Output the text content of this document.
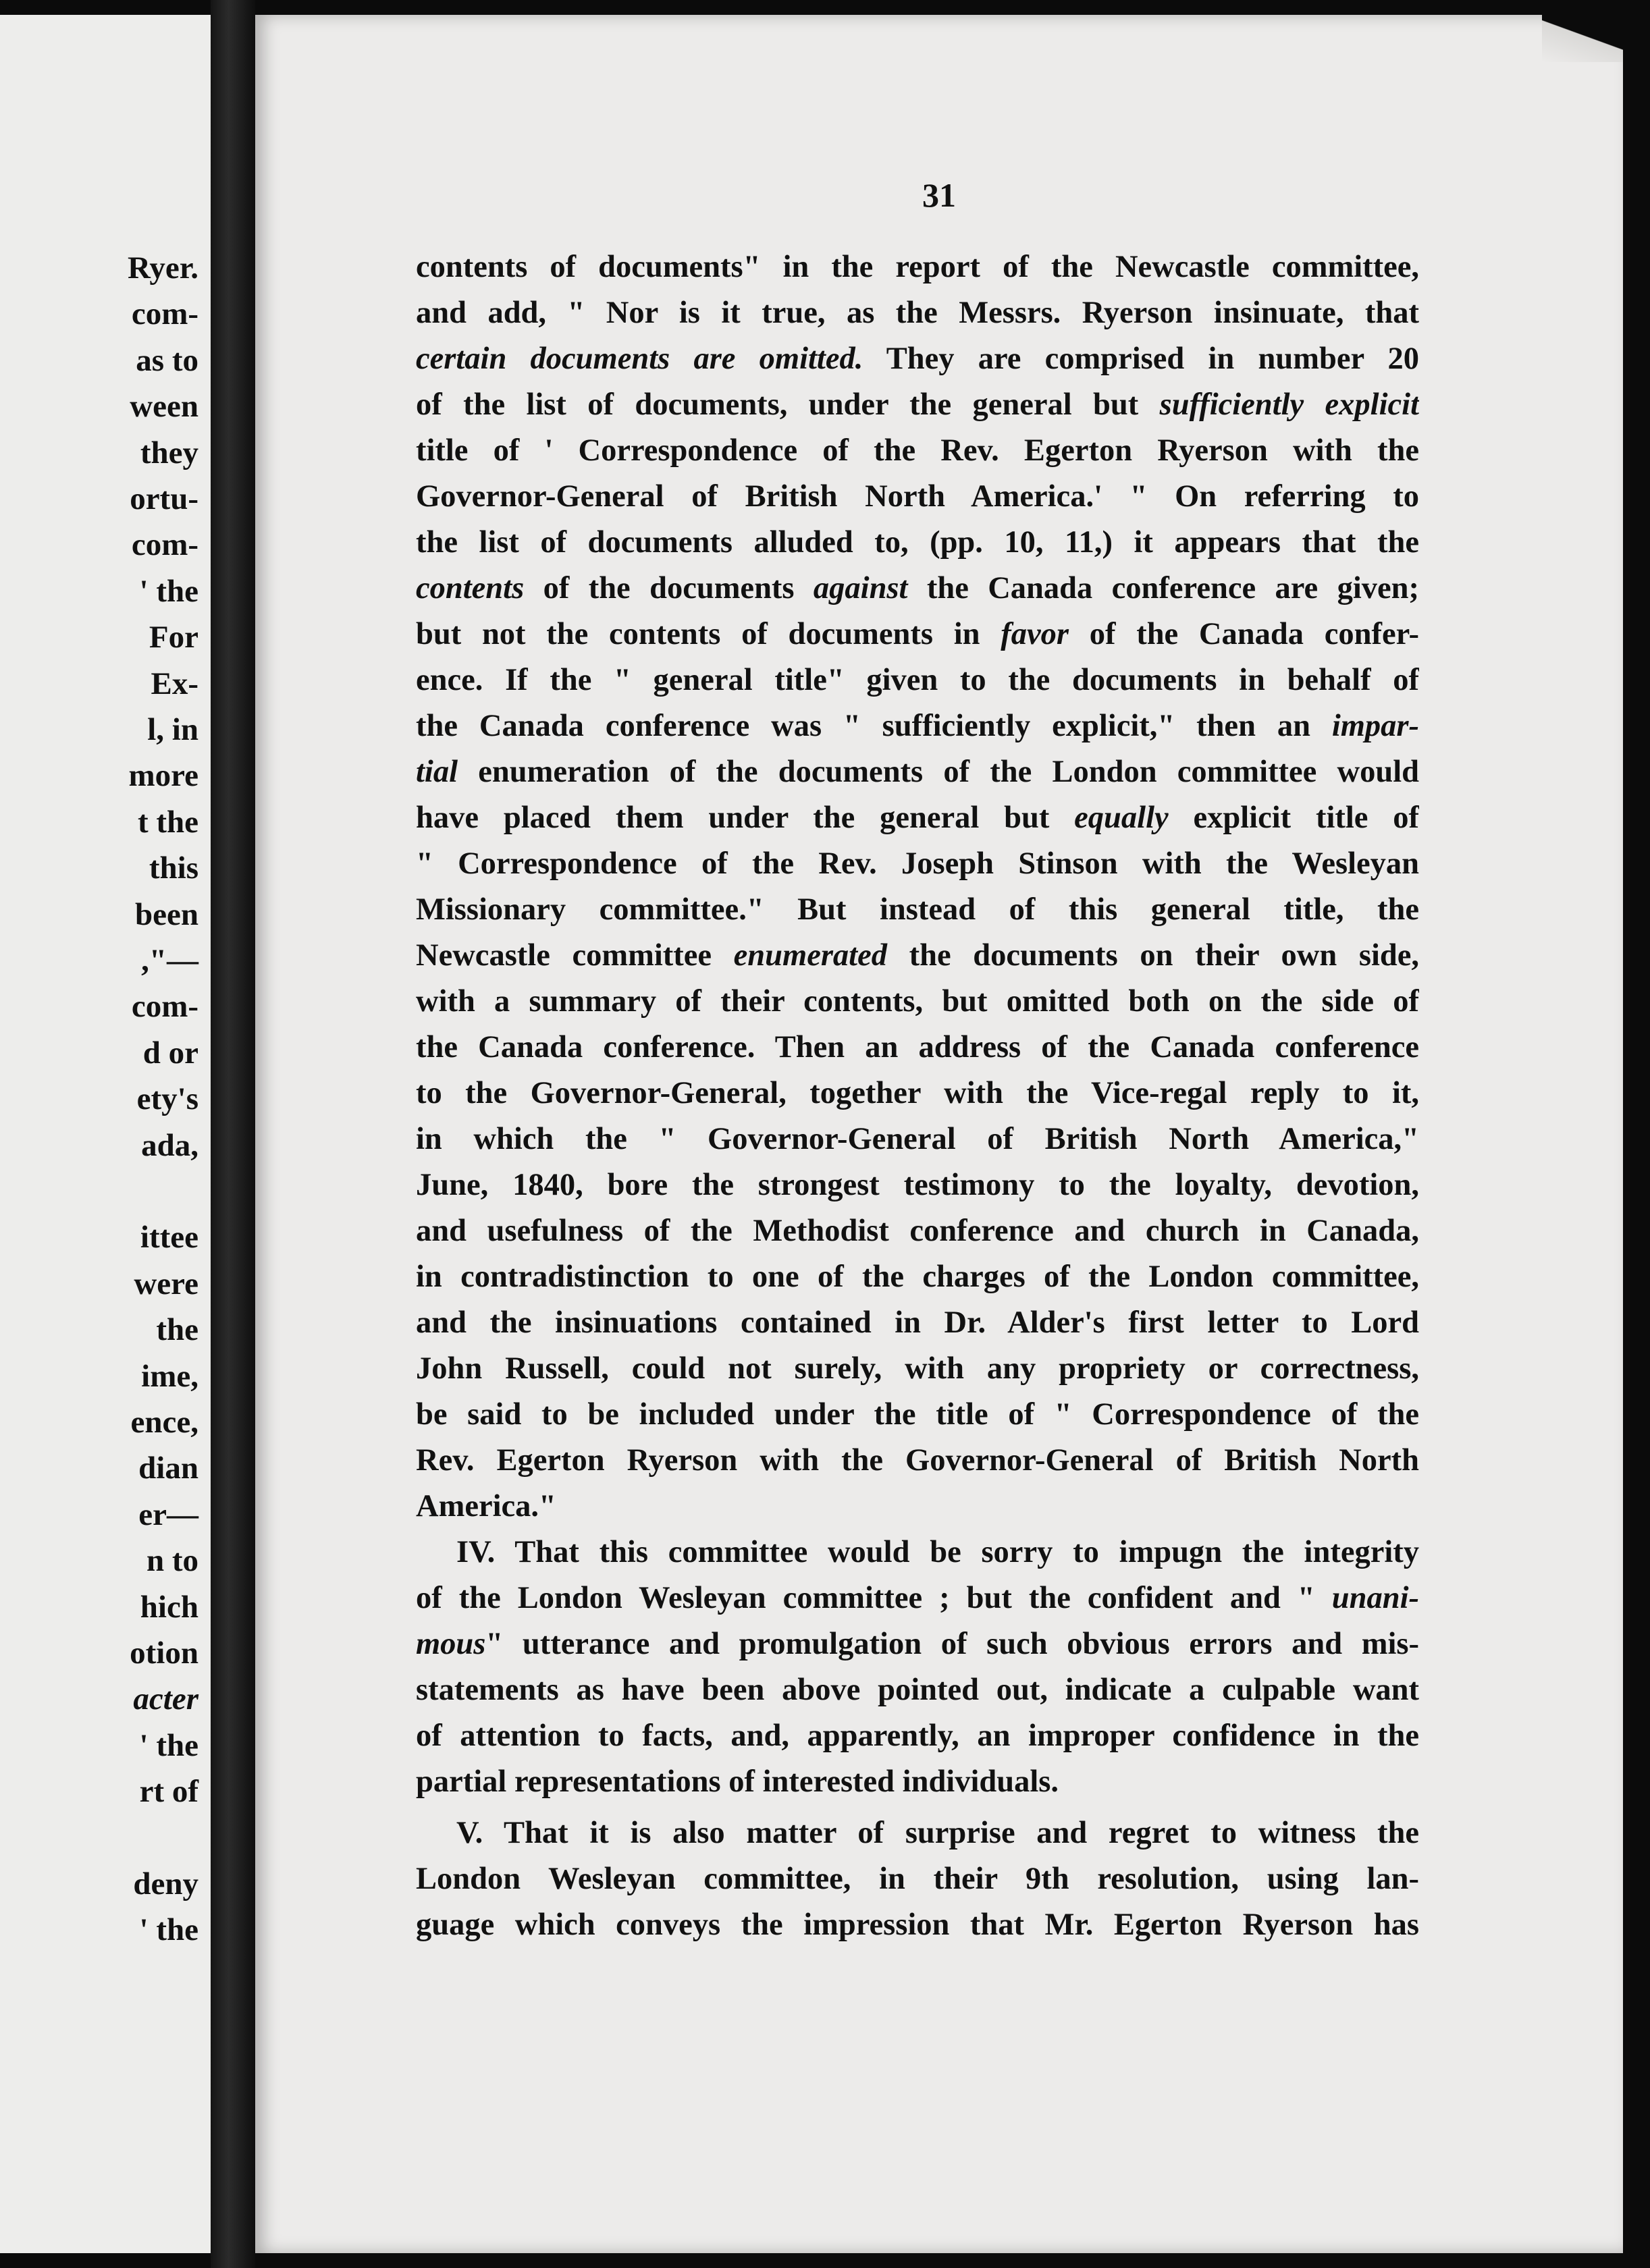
Ryer.
com-
as to
ween
they
ortu-
com-
' the
For
Ex-
l, in
more
t the
this
been
,"—
com-
d or
ety's
ada,
ittee
were
the
ime,
ence,
dian
er—
n to
hich
otion
acter
' the
rt of
deny
' the
31
contents of documents" in the report of the Newcastle committee,
and add, " Nor is it true, as the Messrs. Ryerson insinuate, that
certain documents are omitted. They are comprised in number 20
of the list of documents, under the general but sufficiently explicit
title of ' Correspondence of the Rev. Egerton Ryerson with the
Governor-General of British North America.' " On referring to
the list of documents alluded to, (pp. 10, 11,) it appears that the
contents of the documents against the Canada conference are given;
but not the contents of documents in favor of the Canada confer-
ence. If the " general title" given to the documents in behalf of
the Canada conference was " sufficiently explicit," then an impar-
tial enumeration of the documents of the London committee would
have placed them under the general but equally explicit title of
" Correspondence of the Rev. Joseph Stinson with the Wesleyan
Missionary committee." But instead of this general title, the
Newcastle committee enumerated the documents on their own side,
with a summary of their contents, but omitted both on the side of
the Canada conference. Then an address of the Canada conference
to the Governor-General, together with the Vice-regal reply to it,
in which the " Governor-General of British North America,"
June, 1840, bore the strongest testimony to the loyalty, devotion,
and usefulness of the Methodist conference and church in Canada,
in contradistinction to one of the charges of the London committee,
and the insinuations contained in Dr. Alder's first letter to Lord
John Russell, could not surely, with any propriety or correctness,
be said to be included under the title of " Correspondence of the
Rev. Egerton Ryerson with the Governor-General of British North
America."
IV. That this committee would be sorry to impugn the integrity
of the London Wesleyan committee ; but the confident and " unani-
mous" utterance and promulgation of such obvious errors and mis-
statements as have been above pointed out, indicate a culpable want
of attention to facts, and, apparently, an improper confidence in the
partial representations of interested individuals.
V. That it is also matter of surprise and regret to witness the
London Wesleyan committee, in their 9th resolution, using lan-
guage which conveys the impression that Mr. Egerton Ryerson has
